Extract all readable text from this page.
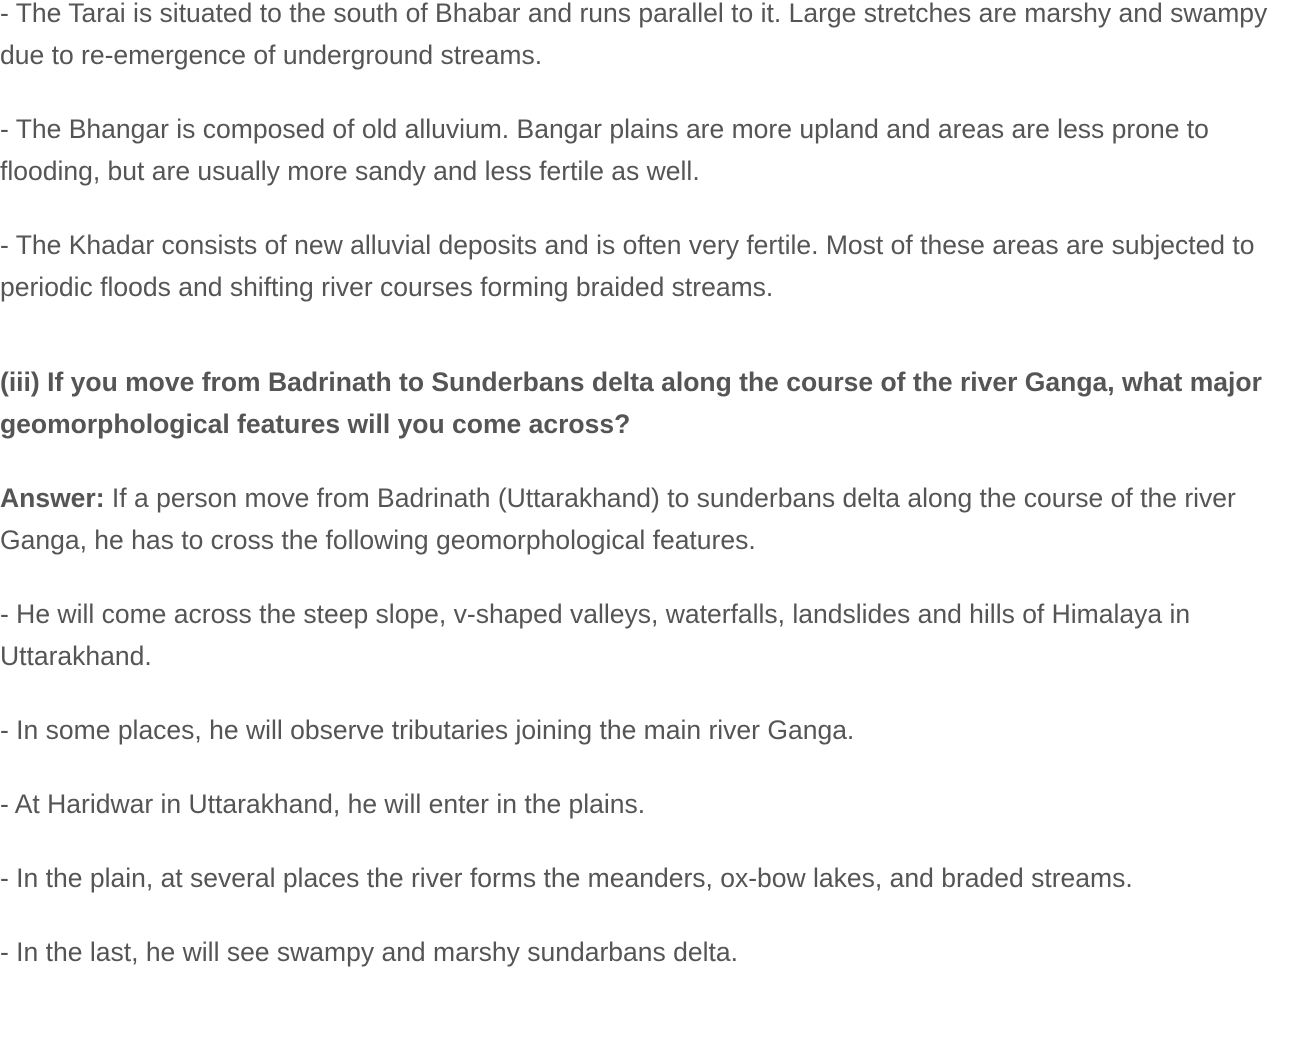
- The Tarai is situated to the south of Bhabar and runs parallel to it. Large stretches are marshy and swampy due to re-emergence of underground streams.

- The Bhangar is composed of old alluvium. Bangar plains are more upland and areas are less prone to flooding, but are usually more sandy and less fertile as well.

- The Khadar consists of new alluvial deposits and is often very fertile. Most of these areas are subjected to periodic floods and shifting river courses forming braided streams.

(iii) If you move from Badrinath to Sunderbans delta along the course of the river Ganga, what major geomorphological features will you come across?

Answer: If a person move from Badrinath (Uttarakhand) to sunderbans delta along the course of the river Ganga, he has to cross the following geomorphological features.

- He will come across the steep slope, v-shaped valleys, waterfalls, landslides and hills of Himalaya in Uttarakhand.

- In some places, he will observe tributaries joining the main river Ganga.

- At Haridwar in Uttarakhand, he will enter in the plains.

- In the plain, at several places the river forms the meanders, ox-bow lakes, and braded streams.

- In the last, he will see swampy and marshy sundarbans delta.
